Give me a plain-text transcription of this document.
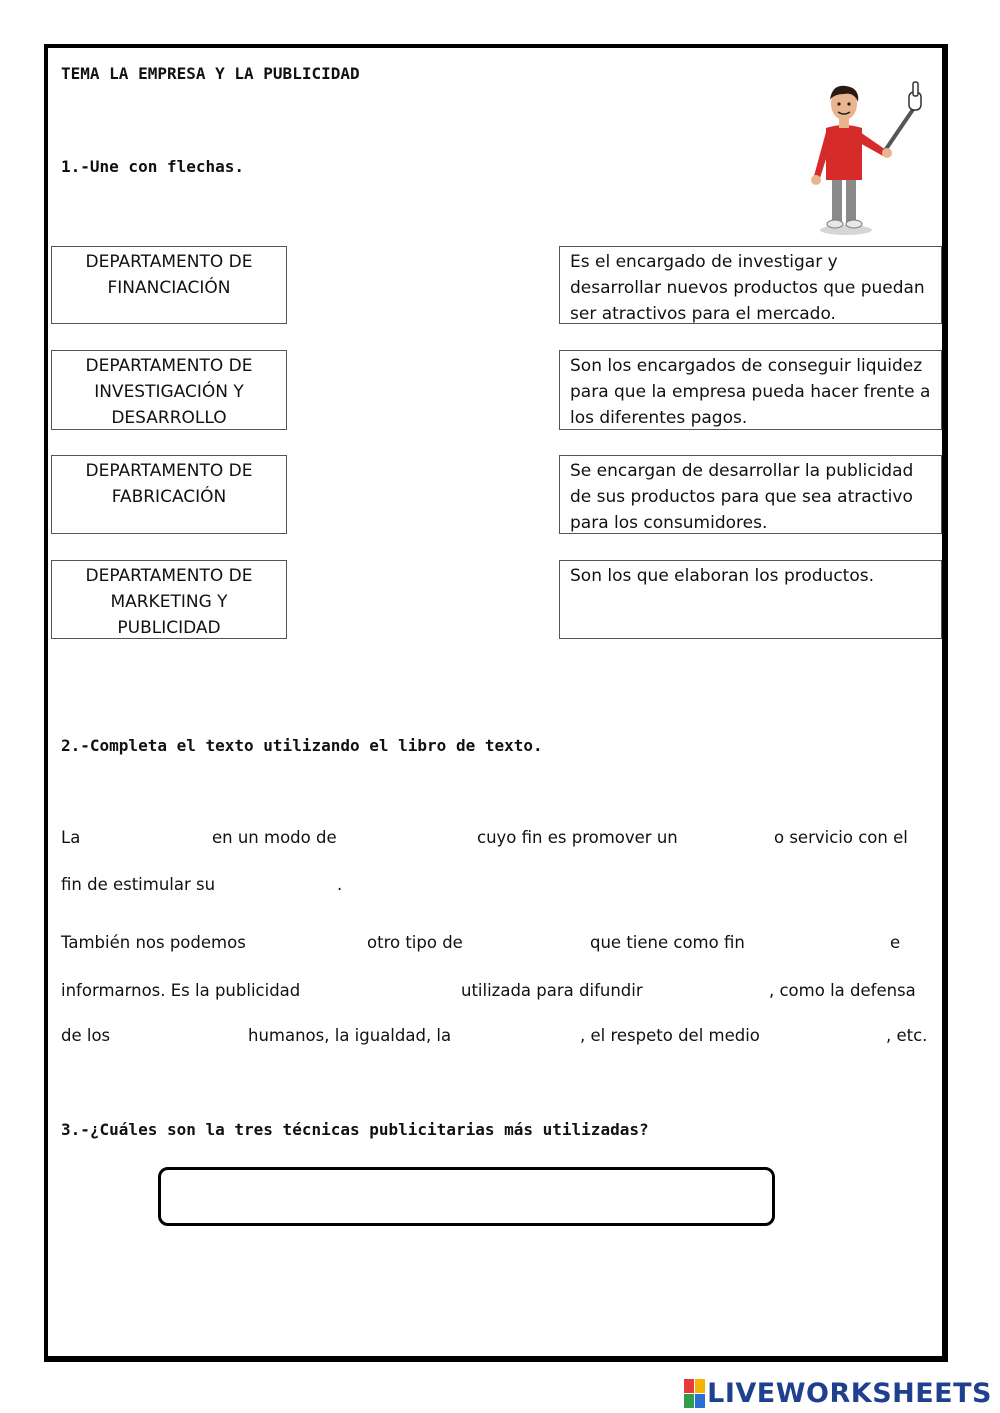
TEMA LA EMPRESA Y LA PUBLICIDAD
1.-Une con flechas.
DEPARTAMENTO DE FINANCIACIÓN
DEPARTAMENTO DE INVESTIGACIÓN Y DESARROLLO
DEPARTAMENTO DE FABRICACIÓN
DEPARTAMENTO DE MARKETING Y PUBLICIDAD
Es el encargado de investigar y desarrollar nuevos productos que puedan ser atractivos para el mercado.
Son los encargados de conseguir liquidez para que la empresa pueda hacer frente a los diferentes pagos.
Se encargan de desarrollar la publicidad de sus productos para que sea atractivo para los consumidores.
Son los que elaboran los productos.
2.-Completa el texto utilizando el libro de texto.
La	en un modo de	cuyo fin es promover un	o servicio con el
fin de estimular su	.
También nos podemos	otro tipo de	que tiene como fin	e
informarnos. Es la publicidad	utilizada para difundir	, como la defensa
de los	humanos, la igualdad, la	, el respeto del medio	, etc.
3.-¿Cuáles son la tres técnicas publicitarias más utilizadas?
LIVEWORKSHEETS
